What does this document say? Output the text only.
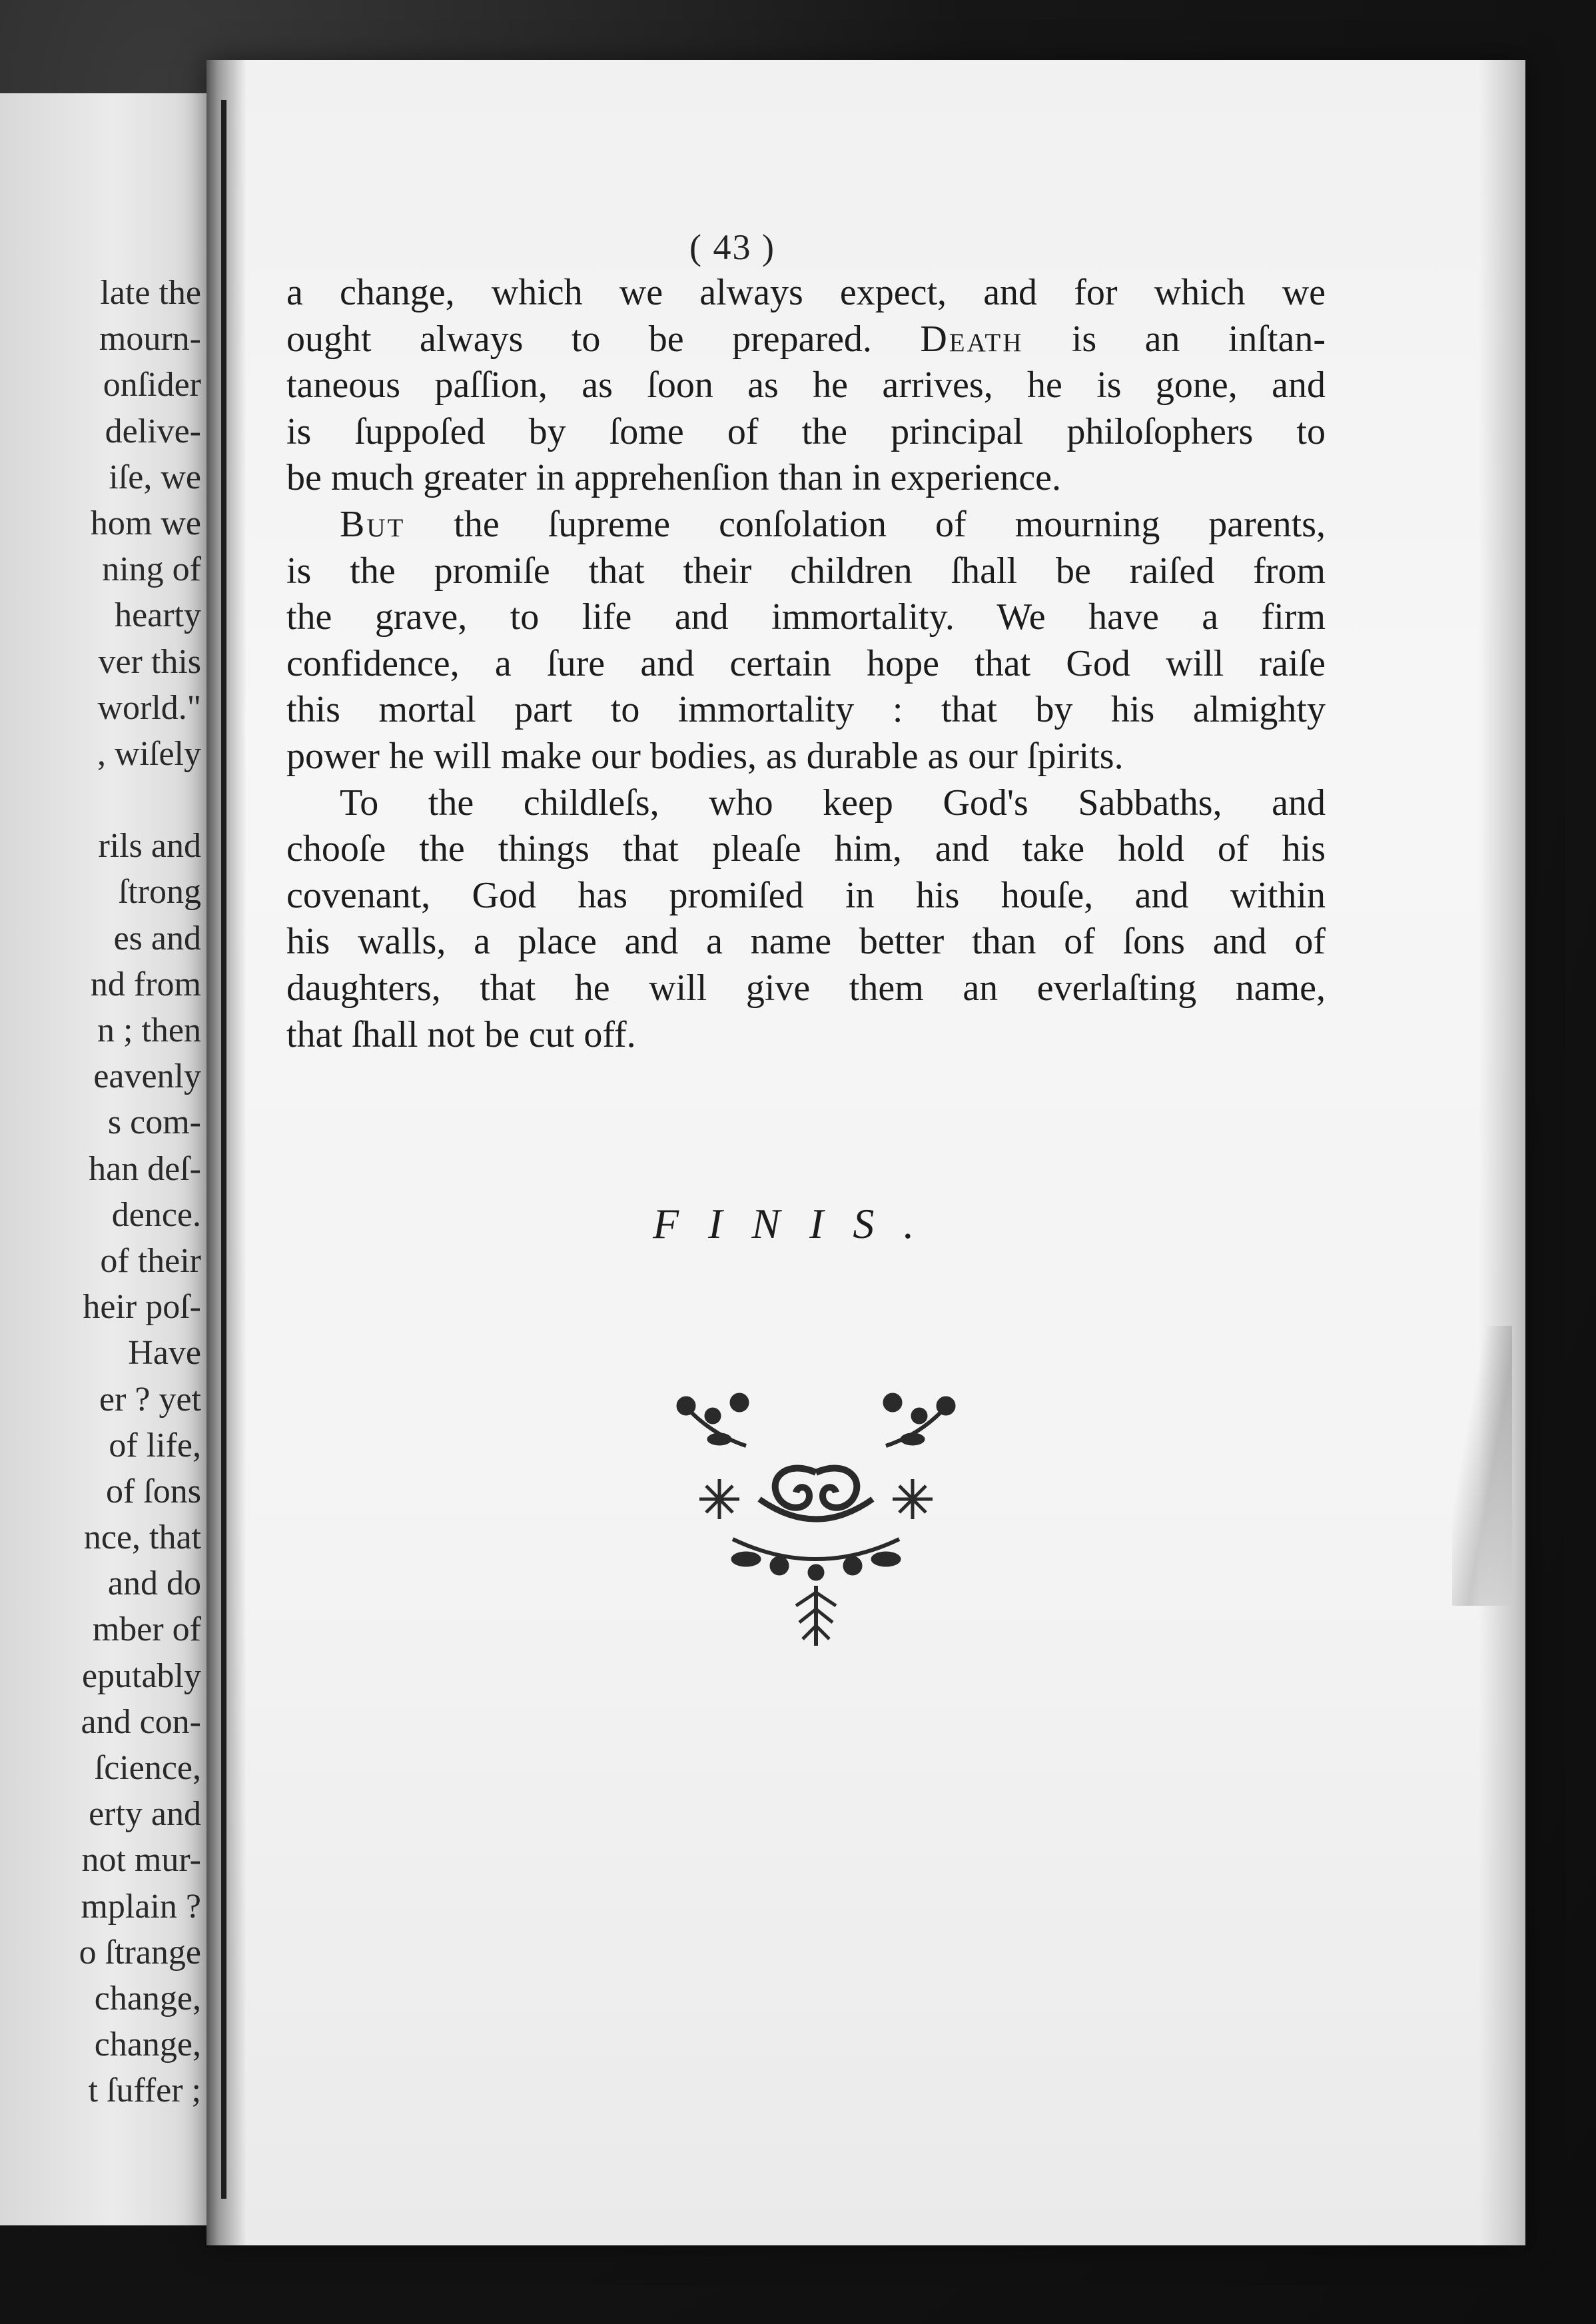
late the
mourn-
onſider
delive-
iſe, we
hom we
ning of
hearty
ver this
world."
, wiſely
rils and
ſtrong
es and
nd from
n ; then
eavenly
s com-
han deſ-
dence.
of their
heir poſ-
Have
er ? yet
of life,
of ſons
nce, that
and do
mber of
eputably
and con-
ſcience,
erty and
not mur-
mplain ?
o ſtrange
change,
change,
t ſuffer ;
( 43 )
a change, which we always expect, and for which we
ought always to be prepared. Death is an inſtan-
taneous paſſion, as ſoon as he arrives, he is gone, and
is ſuppoſed by ſome of the principal philoſophers to
be much greater in apprehenſion than in experience.
But the ſupreme conſolation of mourning parents,
is the promiſe that their children ſhall be raiſed from
the grave, to life and immortality. We have a firm
confidence, a ſure and certain hope that God will raiſe
this mortal part to immortality : that by his almighty
power he will make our bodies, as durable as our ſpirits.
To the childleſs, who keep God's Sabbaths, and
chooſe the things that pleaſe him, and take hold of his
covenant, God has promiſed in his houſe, and within
his walls, a place and a name better than of ſons and of
daughters, that he will give them an everlaſting name,
that ſhall not be cut off.
FINIS.
